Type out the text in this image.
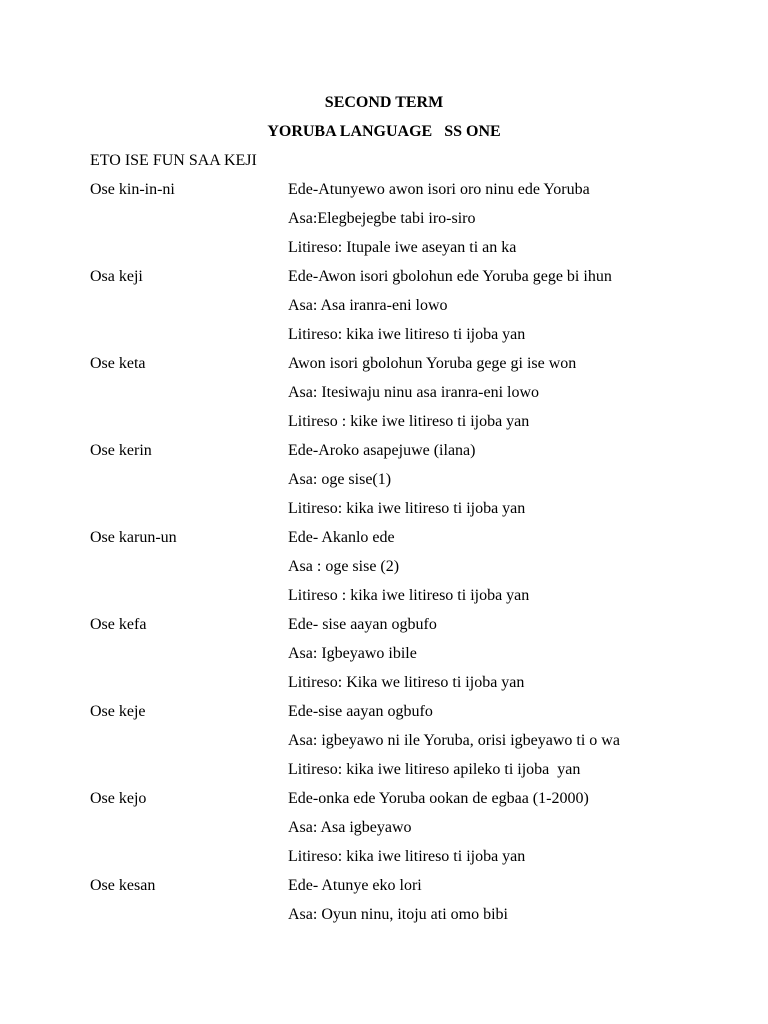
SECOND TERM
YORUBA LANGUAGE   SS ONE
ETO ISE FUN SAA KEJI
Ose kin-in-ni	Ede-Atunyewo awon isori oro ninu ede Yoruba
Asa:Elegbejegbe tabi iro-siro
Litireso: Itupale iwe aseyan ti an ka
Osa keji	Ede-Awon isori gbolohun ede Yoruba gege bi ihun
Asa: Asa iranra-eni lowo
Litireso: kika iwe litireso ti ijoba yan
Ose keta	Awon isori gbolohun Yoruba gege gi ise won
Asa: Itesiwaju ninu asa iranra-eni lowo
Litireso : kike iwe litireso ti ijoba yan
Ose kerin	Ede-Aroko asapejuwe (ilana)
Asa: oge sise(1)
Litireso: kika iwe litireso ti ijoba yan
Ose karun-un	Ede- Akanlo ede
Asa : oge sise (2)
Litireso : kika iwe litireso ti ijoba yan
Ose kefa	Ede- sise aayan ogbufo
Asa: Igbeyawo ibile
Litireso: Kika we litireso ti ijoba yan
Ose keje	Ede-sise aayan ogbufo
Asa: igbeyawo ni ile Yoruba, orisi igbeyawo ti o wa
Litireso: kika iwe litireso apileko ti ijoba  yan
Ose kejo	Ede-onka ede Yoruba ookan de egbaa (1-2000)
Asa: Asa igbeyawo
Litireso: kika iwe litireso ti ijoba yan
Ose kesan	Ede- Atunye eko lori
Asa: Oyun ninu, itoju ati omo bibi
